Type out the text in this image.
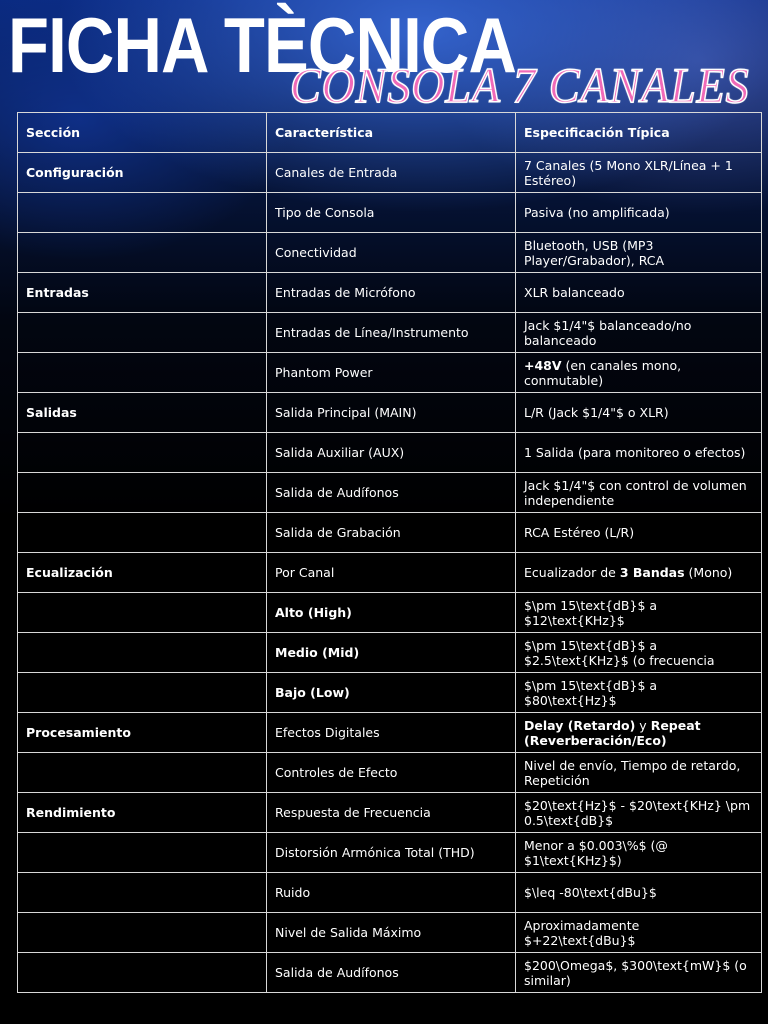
FICHA TÈCNICA
CONSOLA 7 CANALES
Sección	Característica	Especificación Típica
Configuración	Canales de Entrada	7 Canales (5 Mono XLR/Línea + 1 Estéreo)
	Tipo de Consola	Pasiva (no amplificada)
	Conectividad	Bluetooth, USB (MP3 Player/Grabador), RCA
Entradas	Entradas de Micrófono	XLR balanceado
	Entradas de Línea/Instrumento	Jack $1/4"$ balanceado/no balanceado
	Phantom Power	+48V (en canales mono, conmutable)
Salidas	Salida Principal (MAIN)	L/R (Jack $1/4"$ o XLR)
	Salida Auxiliar (AUX)	1 Salida (para monitoreo o efectos)
	Salida de Audífonos	Jack $1/4"$ con control de volumen independiente
	Salida de Grabación	RCA Estéreo (L/R)
Ecualización	Por Canal	Ecualizador de 3 Bandas (Mono)
	Alto (High)	$\pm 15\text{dB}$ a $12\text{KHz}$
	Medio (Mid)	$\pm 15\text{dB}$ a $2.5\text{KHz}$ (o frecuencia
	Bajo (Low)	$\pm 15\text{dB}$ a $80\text{Hz}$
Procesamiento	Efectos Digitales	Delay (Retardo) y Repeat (Reverberación/Eco)
	Controles de Efecto	Nivel de envío, Tiempo de retardo, Repetición
Rendimiento	Respuesta de Frecuencia	$20\text{Hz}$ - $20\text{KHz} \pm 0.5\text{dB}$
	Distorsión Armónica Total (THD)	Menor a $0.003\%$ (@ $1\text{KHz}$)
	Ruido	$\leq -80\text{dBu}$
	Nivel de Salida Máximo	Aproximadamente $+22\text{dBu}$
	Salida de Audífonos	$200\Omega$, $300\text{mW}$ (o similar)
